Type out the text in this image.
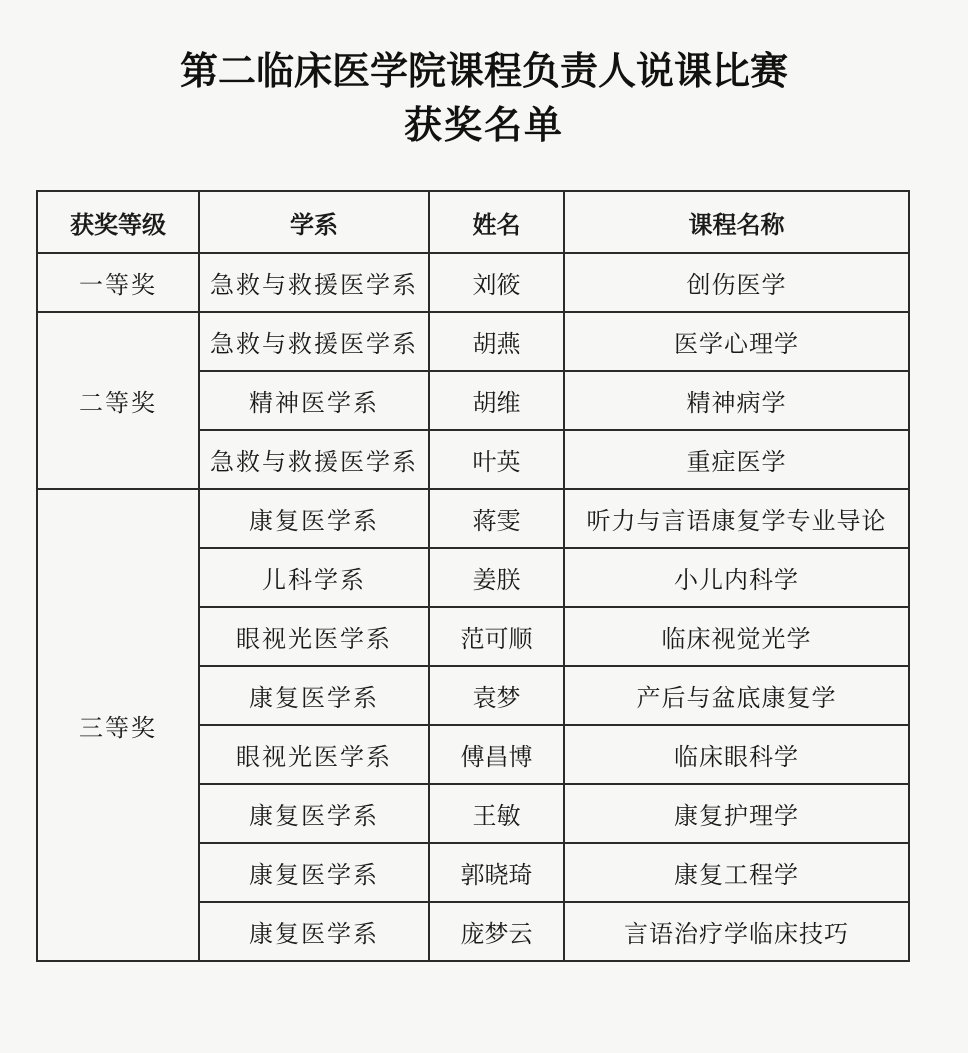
第二临床医学院课程负责人说课比赛
获奖名单
获奖等级	学系	姓名	课程名称
一等奖	急救与救援医学系	刘筱	创伤医学
二等奖	急救与救援医学系	胡燕	医学心理学
	精神医学系	胡维	精神病学
	急救与救援医学系	叶英	重症医学
三等奖	康复医学系	蒋雯	听力与言语康复学专业导论
	儿科学系	姜朕	小儿内科学
	眼视光医学系	范可顺	临床视觉光学
	康复医学系	袁梦	产后与盆底康复学
	眼视光医学系	傅昌博	临床眼科学
	康复医学系	王敏	康复护理学
	康复医学系	郭晓琦	康复工程学
	康复医学系	庞梦云	言语治疗学临床技巧
